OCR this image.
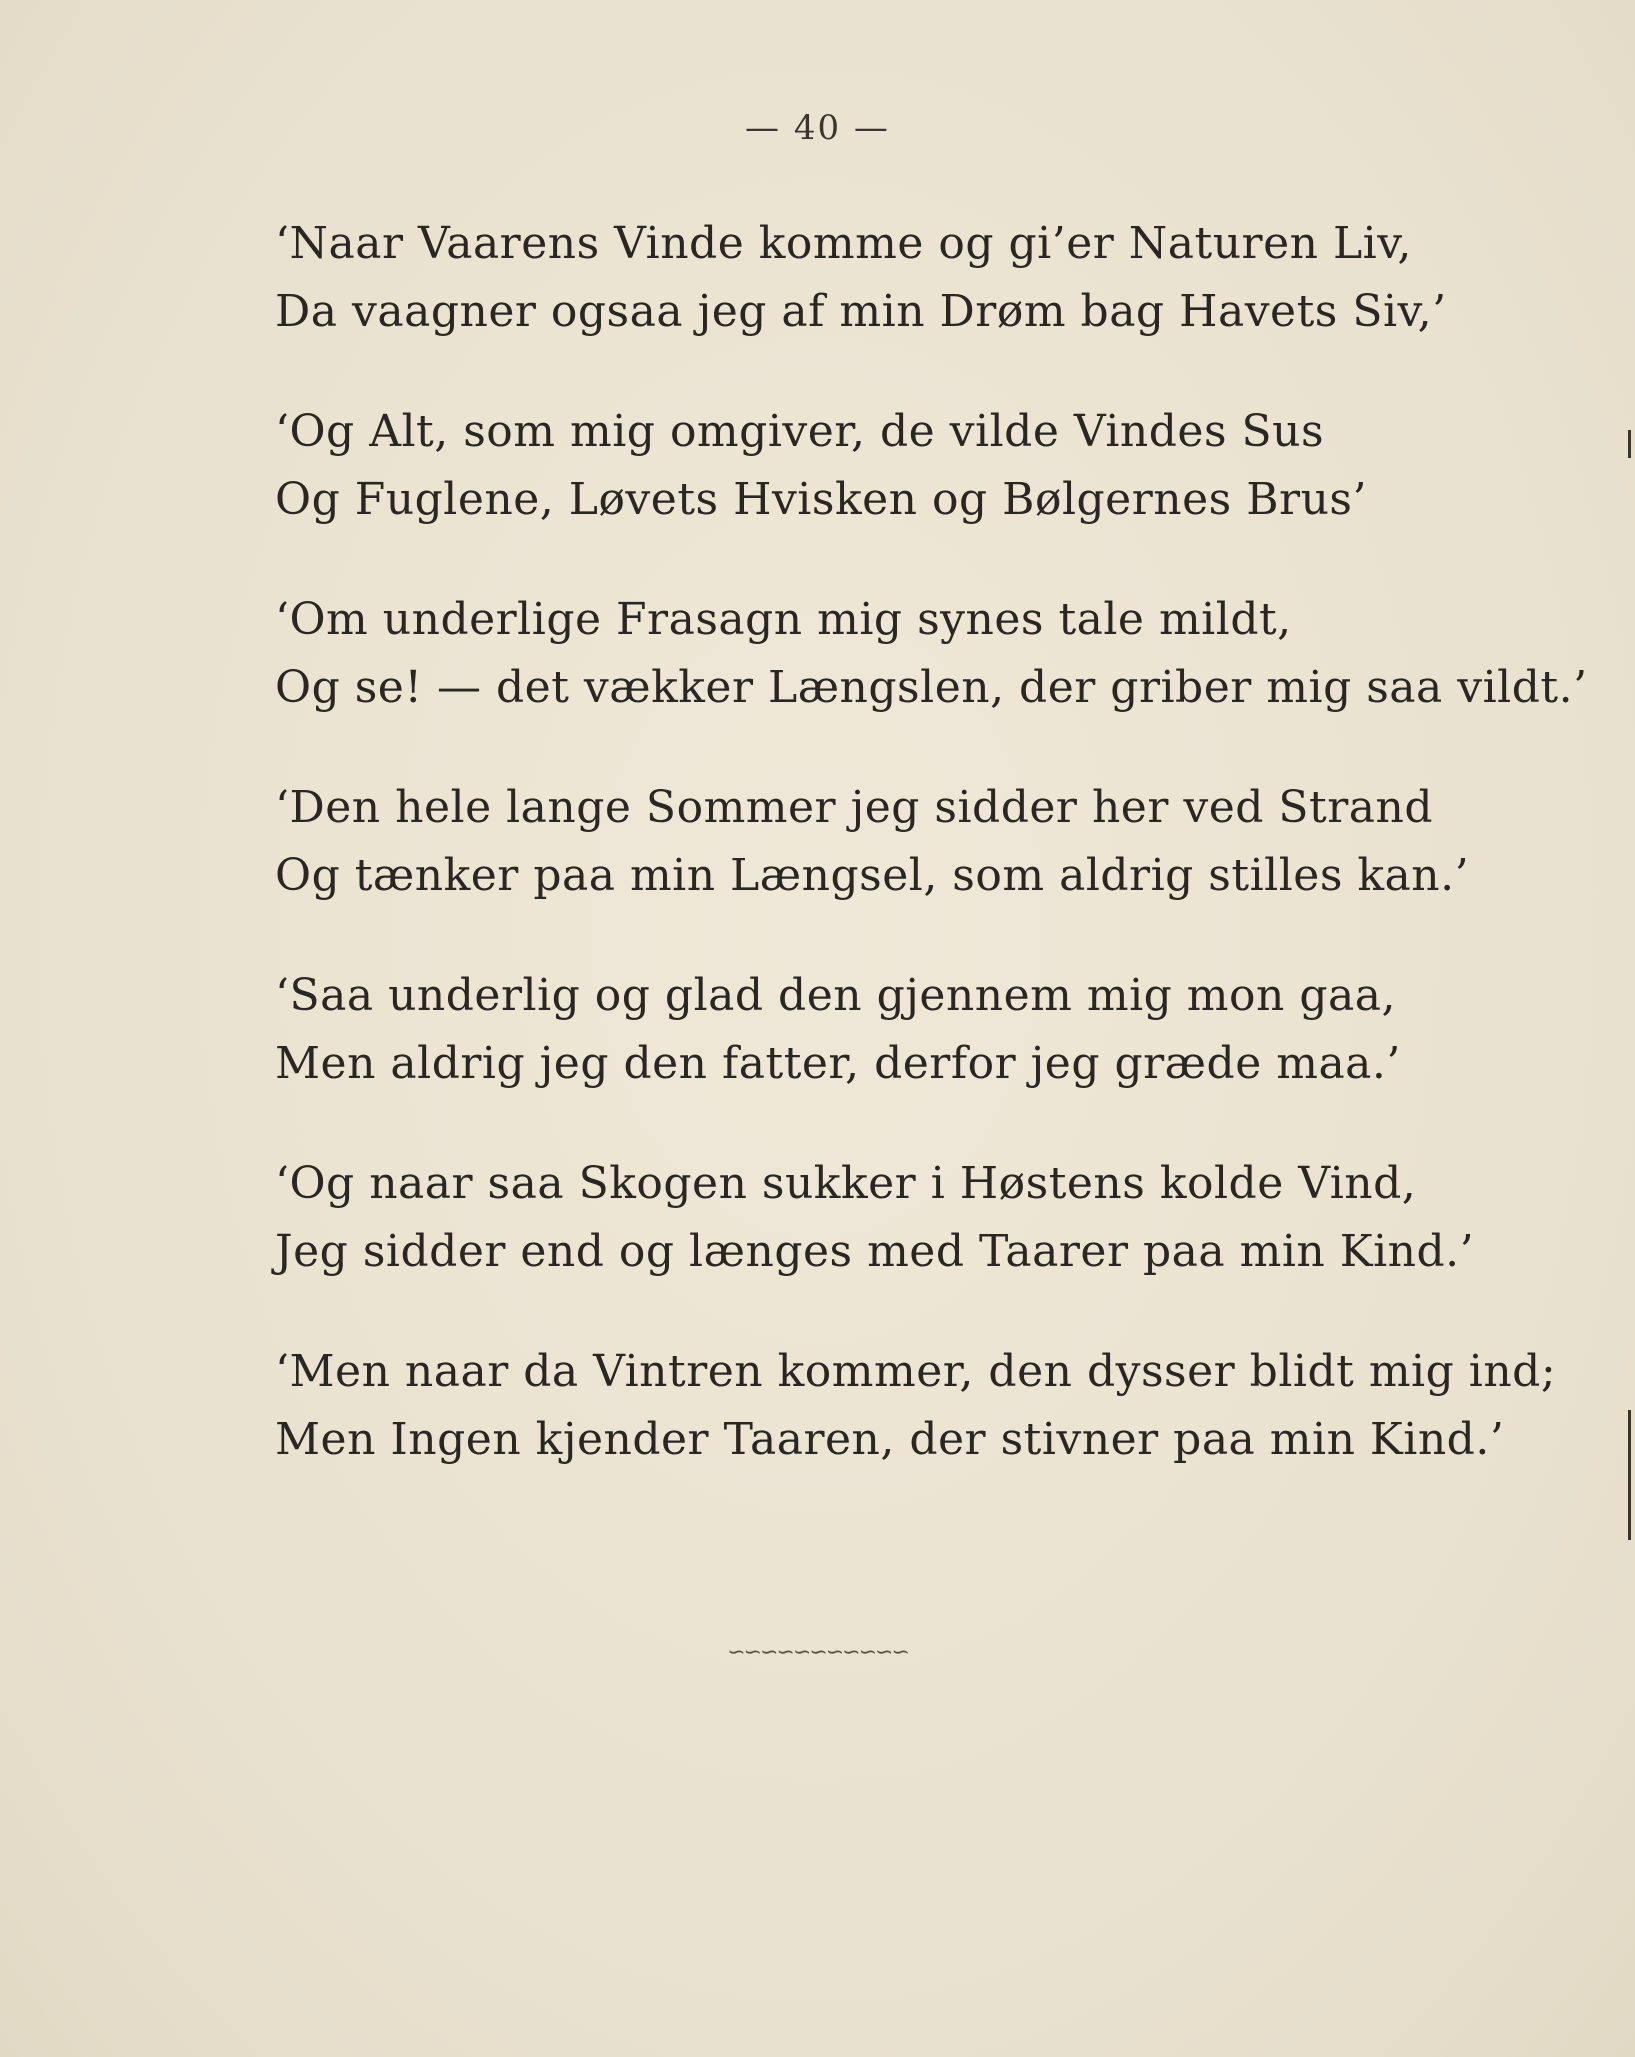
— 40 —
‘Naar Vaarens Vinde komme og gi’er Naturen Liv,
Da vaagner ogsaa jeg af min Drøm bag Havets Siv,’
‘Og Alt, som mig omgiver, de vilde Vindes Sus
Og Fuglene, Løvets Hvisken og Bølgernes Brus’
‘Om underlige Frasagn mig synes tale mildt,
Og se! — det vækker Længslen, der griber mig saa vildt.’
‘Den hele lange Sommer jeg sidder her ved Strand
Og tænker paa min Længsel, som aldrig stilles kan.’
‘Saa underlig og glad den gjennem mig mon gaa,
Men aldrig jeg den fatter, derfor jeg græde maa.’
‘Og naar saa Skogen sukker i Høstens kolde Vind,
Jeg sidder end og længes med Taarer paa min Kind.’
‘Men naar da Vintren kommer, den dysser blidt mig ind;
Men Ingen kjender Taaren, der stivner paa min Kind.’
∽∽∽∽∽∽∽∽∽∽∽
